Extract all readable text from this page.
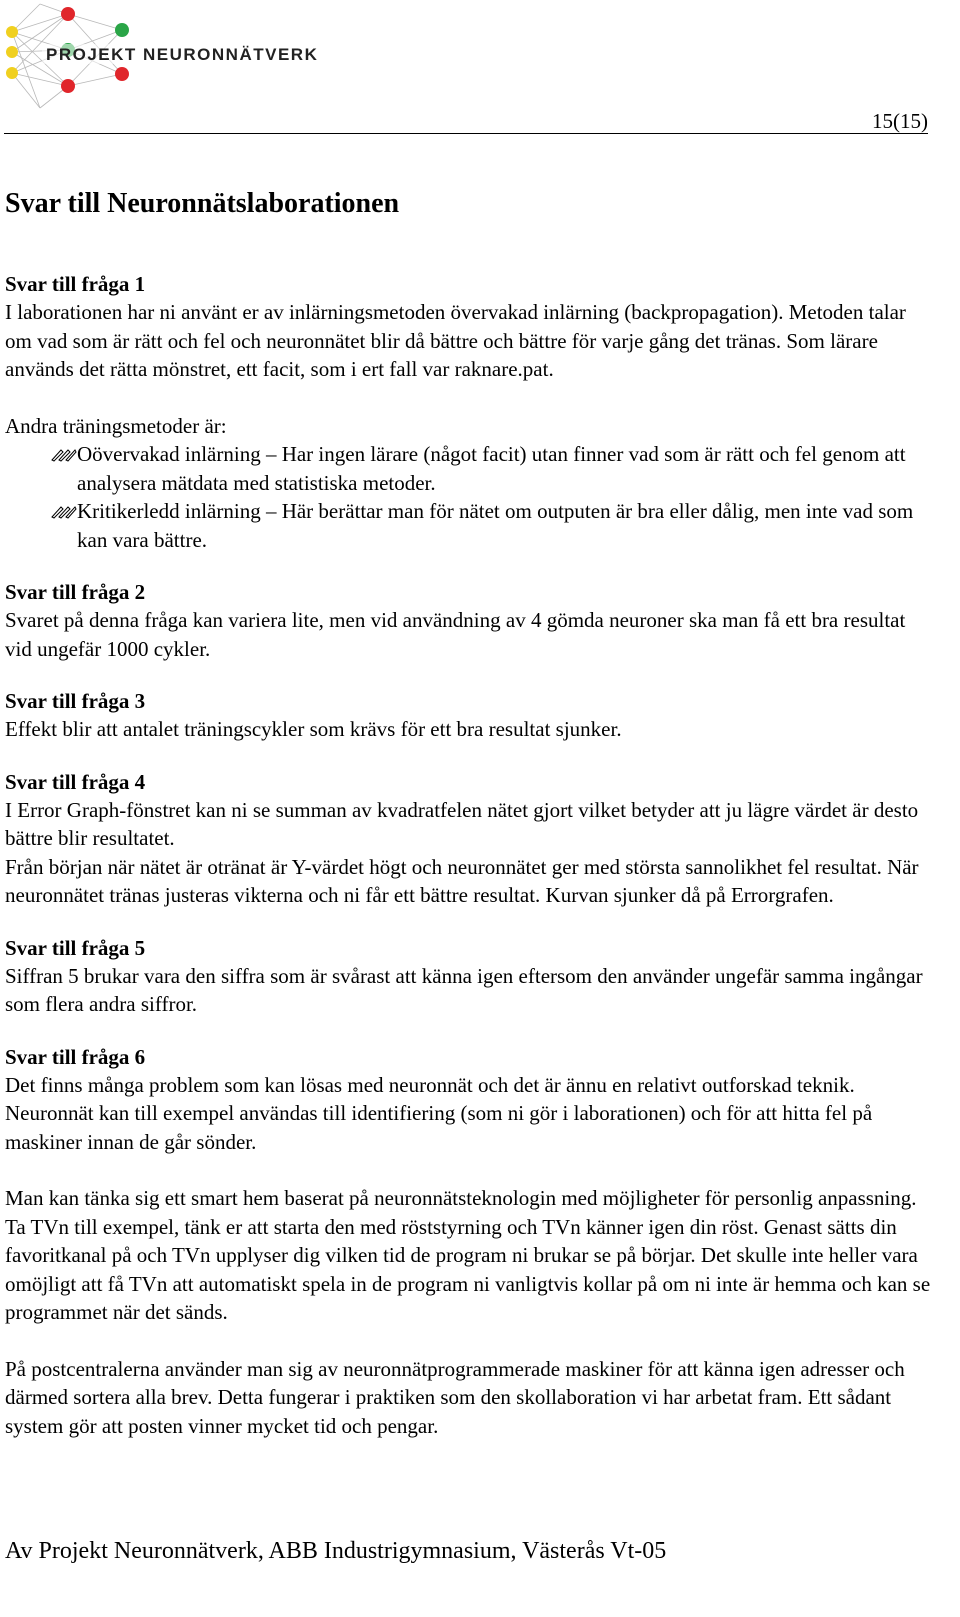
PROJEKT NEURONNÄTVERK
15(15)
Svar till Neuronnätslaborationen
Svar till fråga 1

I laborationen har ni använt er av inlärningsmetoden övervakad inlärning (backpropagation). Metoden talar om vad som är rätt och fel och neuronnätet blir då bättre och bättre för varje gång det tränas. Som lärare används det rätta mönstret, ett facit, som i ert fall var raknare.pat.

Andra träningsmetoder är:

Oövervakad inlärning – Har ingen lärare (något facit) utan finner vad som är rätt och fel genom att analysera mätdata med statistiska metoder.
Kritikerledd inlärning – Här berättar man för nätet om outputen är bra eller dålig, men inte vad som kan vara bättre.
Svar till fråga 2

Svaret på denna fråga kan variera lite, men vid användning av 4 gömda neuroner ska man få ett bra resultat vid ungefär 1000 cykler.

Svar till fråga 3

Effekt blir att antalet träningscykler som krävs för ett bra resultat sjunker.

Svar till fråga 4

I Error Graph-fönstret kan ni se summan av kvadratfelen nätet gjort vilket betyder att ju lägre värdet är desto bättre blir resultatet.

Från början när nätet är otränat är Y-värdet högt och neuronnätet ger med största sannolikhet fel resultat. När neuronnätet tränas justeras vikterna och ni får ett bättre resultat. Kurvan sjunker då på Errorgrafen.

Svar till fråga 5

Siffran 5 brukar vara den siffra som är svårast att känna igen eftersom den använder ungefär samma ingångar som flera andra siffror.

Svar till fråga 6

Det finns många problem som kan lösas med neuronnät och det är ännu en relativt outforskad teknik. Neuronnät kan till exempel användas till identifiering (som ni gör i laborationen) och för att hitta fel på maskiner innan de går sönder.

Man kan tänka sig ett smart hem baserat på neuronnätsteknologin med möjligheter för personlig anpassning. Ta TVn till exempel, tänk er att starta den med röststyrning och TVn känner igen din röst. Genast sätts din favoritkanal på och TVn upplyser dig vilken tid de program ni brukar se på börjar. Det skulle inte heller vara omöjligt att få TVn att automatiskt spela in de program ni vanligtvis kollar på om ni inte är hemma och kan se programmet när det sänds.

På postcentralerna använder man sig av neuronnätprogrammerade maskiner för att känna igen adresser och därmed sortera alla brev. Detta fungerar i praktiken som den skollaboration vi har arbetat fram. Ett sådant system gör att posten vinner mycket tid och pengar.

Av Projekt Neuronnätverk, ABB Industrigymnasium, Västerås Vt-05
